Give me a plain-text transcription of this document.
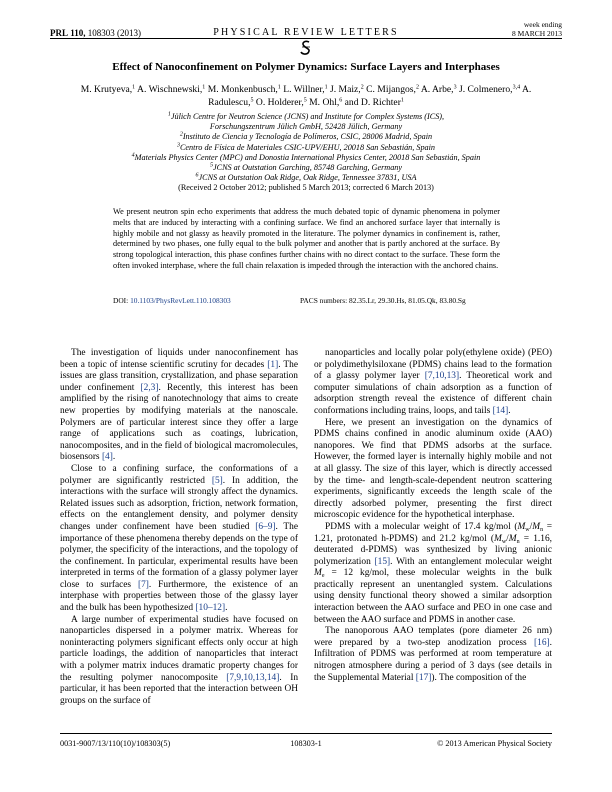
PRL 110, 108303 (2013)	PHYSICAL REVIEW LETTERS
week ending
8 MARCH 2013
Effect of Nanoconfinement on Polymer Dynamics: Surface Layers and Interphases
M. Krutyeva,$^1$ A. Wischnewski,$^1$ M. Monkenbusch,$^1$ L. Willner,$^1$ J. Maiz,$^2$ C. Mijangos,$^2$ A. Arbe,$^3$ J. Colmenero,$^{3,4}$ A. Radulescu,$^5$ O. Holderer,$^5$ M. Ohl,$^6$ and D. Richter$^1$
$^1$Jülich Centre for Neutron Science (JCNS) and Institute for Complex Systems (ICS),
Forschungszentrum Jülich GmbH, 52428 Jülich, Germany
$^2$Instituto de Ciencia y Tecnología de Polímeros, CSIC, 28006 Madrid, Spain
$^3$Centro de Física de Materiales CSIC-UPV/EHU, 20018 San Sebastián, Spain
$^4$Materials Physics Center (MPC) and Donostia International Physics Center, 20018 San Sebastián, Spain
$^5$JCNS at Outstation Garching, 85748 Garching, Germany
$^6$JCNS at Outstation Oak Ridge, Oak Ridge, Tennessee 37831, USA
(Received 2 October 2012; published 5 March 2013; corrected 6 March 2013)
We present neutron spin echo experiments that address the much debated topic of dynamic phenomena in polymer melts that are induced by interacting with a confining surface. We find an anchored surface layer that internally is highly mobile and not glassy as heavily promoted in the literature. The polymer dynamics in confinement is, rather, determined by two phases, one fully equal to the bulk polymer and another that is partly anchored at the surface. By strong topological interaction, this phase confines further chains with no direct contact to the surface. These form the often invoked interphase, where the full chain relaxation is impeded through the interaction with the anchored chains.
DOI: 10.1103/PhysRevLett.110.108303	PACS numbers: 82.35.Lr, 29.30.Hs, 81.05.Qk, 83.80.Sg

The investigation of liquids under nanoconfinement has been a topic of intense scientific scrutiny for decades [1]. The issues are glass transition, crystallization, and phase separation under confinement [2,3]. Recently, this interest has been amplified by the rising of nanotechnology that aims to create new properties by modifying materials at the nanoscale. Polymers are of particular interest since they offer a large range of applications such as coatings, lubrication, nanocomposites, and in the field of biological macromolecules, biosensors [4].

Close to a confining surface, the conformations of a polymer are significantly restricted [5]. In addition, the interactions with the surface will strongly affect the dynamics. Related issues such as adsorption, friction, network formation, effects on the entanglement density, and polymer density changes under confinement have been studied [6–9]. The importance of these phenomena thereby depends on the type of polymer, the specificity of the interactions, and the topology of the confinement. In particular, experimental results have been interpreted in terms of the formation of a glassy polymer layer close to surfaces [7]. Furthermore, the existence of an interphase with properties between those of the glassy layer and the bulk has been hypothesized [10–12].

A large number of experimental studies have focused on nanoparticles dispersed in a polymer matrix. Whereas for noninteracting polymers significant effects only occur at high particle loadings, the addition of nanoparticles that interact with a polymer matrix induces dramatic property changes for the resulting polymer nanocomposite [7,9,10,13,14]. In particular, it has been reported that the interaction between OH groups on the surface of

nanoparticles and locally polar poly(ethylene oxide) (PEO) or polydimethylsiloxane (PDMS) chains lead to the formation of a glassy polymer layer [7,10,13]. Theoretical work and computer simulations of chain adsorption as a function of adsorption strength reveal the existence of different chain conformations including trains, loops, and tails [14].

Here, we present an investigation on the dynamics of PDMS chains confined in anodic aluminum oxide (AAO) nanopores. We find that PDMS adsorbs at the surface. However, the formed layer is internally highly mobile and not at all glassy. The size of this layer, which is directly accessed by the time- and length-scale-dependent neutron scattering experiments, significantly exceeds the length scale of the directly adsorbed polymer, presenting the first direct microscopic evidence for the hypothetical interphase.

PDMS with a molecular weight of 17.4 kg/mol ($M_w/M_n = 1.21$, protonated h-PDMS) and 21.2 kg/mol ($M_w/M_n = 1.16$, deuterated d-PDMS) was synthesized by living anionic polymerization [15]. With an entanglement molecular weight $M_e = 12$ kg/mol, these molecular weights in the bulk practically represent an unentangled system. Calculations using density functional theory showed a similar adsorption interaction between the AAO surface and PEO in one case and between the AAO surface and PDMS in another case.

The nanoporous AAO templates (pore diameter 26 nm) were prepared by a two-step anodization process [16]. Infiltration of PDMS was performed at room temperature at nitrogen atmosphere during a period of 3 days (see details in the Supplemental Material [17]). The composition of the

0031-9007/13/110(10)/108303(5)	108303-1	© 2013 American Physical Society
